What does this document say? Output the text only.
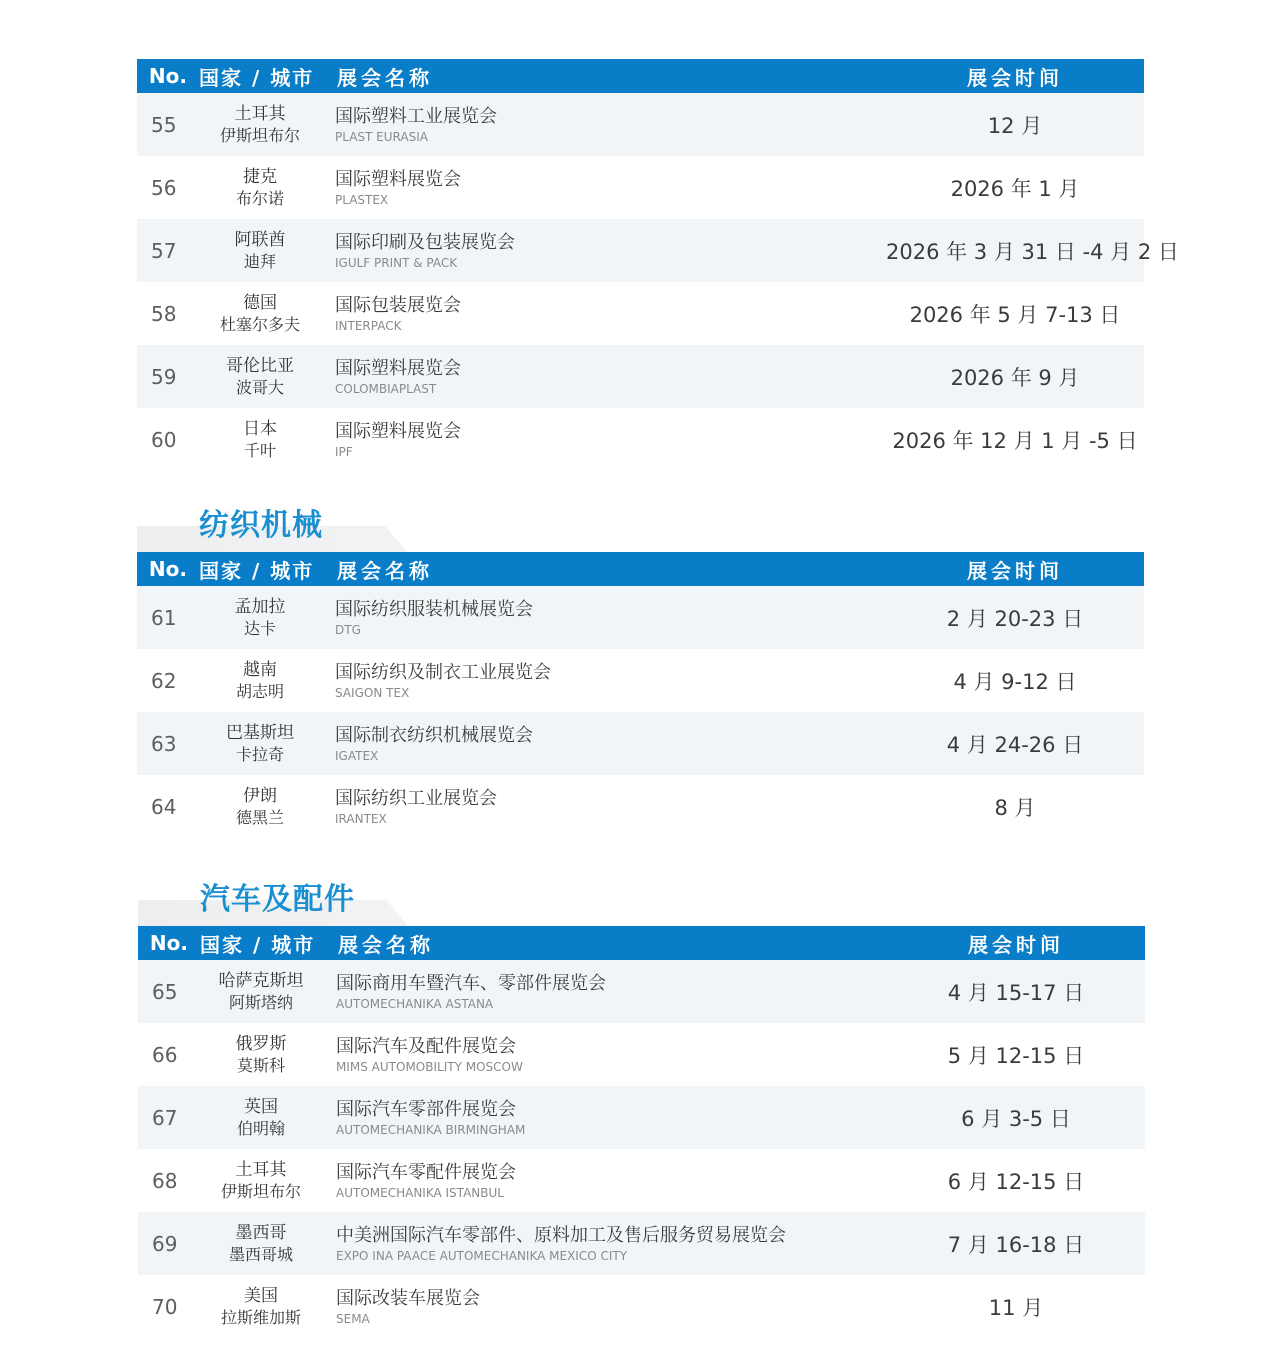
No. 国家 / 城市	展会名称	展会时间
55	土耳其
伊斯坦布尔
国际塑料工业展览会
PLAST EURASIA	12 月
56	捷克
布尔诺
国际塑料展览会
PLASTEX	2026 年 1 月
57	阿联酋
迪拜
国际印刷及包装展览会
IGULF PRINT & PACK	2026 年 3 月 31 日 -4 月 2 日
58	德国
杜塞尔多夫
国际包装展览会
INTERPACK	2026 年 5 月 7-13 日
59	哥伦比亚
波哥大
国际塑料展览会
COLOMBIAPLAST	2026 年 9 月
60	日本
千叶
国际塑料展览会
IPF	2026 年 12 月 1 月 -5 日
纺织机械
No. 国家 / 城市	展会名称	展会时间
61	孟加拉
达卡
国际纺织服装机械展览会
DTG	2 月 20-23 日
62	越南
胡志明
国际纺织及制衣工业展览会
SAIGON TEX	4 月 9-12 日
63	巴基斯坦
卡拉奇
国际制衣纺织机械展览会
IGATEX	4 月 24-26 日
64	伊朗
德黑兰
国际纺织工业展览会
IRANTEX	8 月
汽车及配件
No. 国家 / 城市	展会名称	展会时间
65	哈萨克斯坦
阿斯塔纳
国际商用车暨汽车、零部件展览会
AUTOMECHANIKA ASTANA	4 月 15-17 日
66	俄罗斯
莫斯科
国际汽车及配件展览会
MIMS AUTOMOBILITY MOSCOW	5 月 12-15 日
67	英国
伯明翰
国际汽车零部件展览会
AUTOMECHANIKA BIRMINGHAM	6 月 3-5 日
68	土耳其
伊斯坦布尔
国际汽车零配件展览会
AUTOMECHANIKA ISTANBUL	6 月 12-15 日
69	墨西哥
墨西哥城
中美洲国际汽车零部件、原料加工及售后服务贸易展览会
EXPO INA PAACE AUTOMECHANIKA MEXICO CITY	7 月 16-18 日
70	美国
拉斯维加斯
国际改装车展览会
SEMA	11 月
